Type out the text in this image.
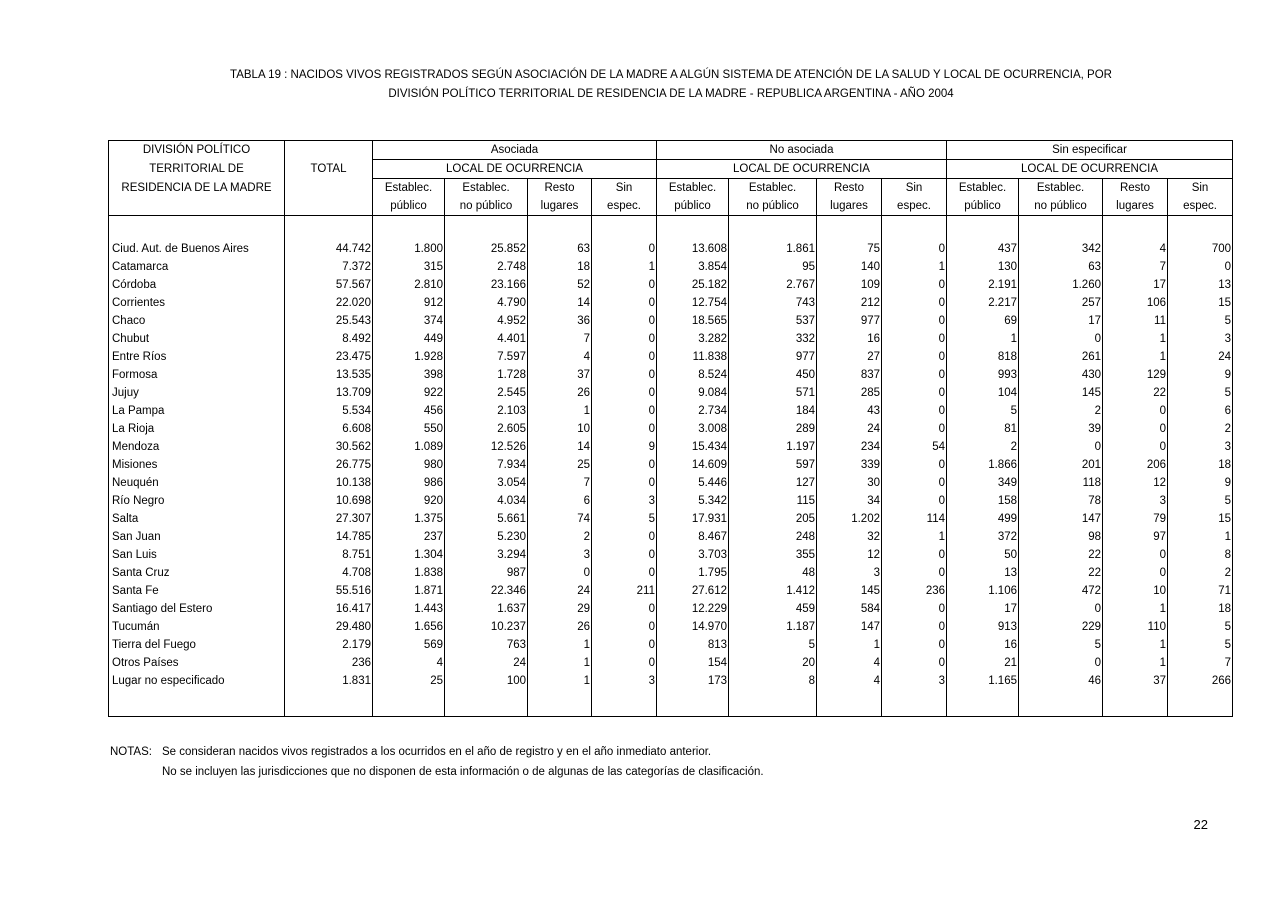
TABLA 19 : NACIDOS VIVOS REGISTRADOS SEGÚN ASOCIACIÓN DE LA MADRE A ALGÚN SISTEMA DE ATENCIÓN DE LA SALUD Y LOCAL DE OCURRENCIA, POR
DIVISIÓN POLÍTICO TERRITORIAL DE RESIDENCIA DE LA MADRE - REPUBLICA ARGENTINA - AÑO 2004
DIVISIÓN POLÍTICO		Asociada				No asociada				Sin especificar			
TERRITORIAL DE	TOTAL	LOCAL DE OCURRENCIA				LOCAL DE OCURRENCIA				LOCAL DE OCURRENCIA			
RESIDENCIA DE LA MADRE		Establec.	Establec.	Resto	Sin	Establec.	Establec.	Resto	Sin	Establec.	Establec.	Resto	Sin
		público	no público	lugares	espec.	público	no público	lugares	espec.	público	no público	lugares	espec.

Ciud. Aut. de Buenos Aires	44.742	1.800	25.852	63	0	13.608	1.861	75	0	437	342	4	700
Catamarca	7.372	315	2.748	18	1	3.854	95	140	1	130	63	7	0
Córdoba	57.567	2.810	23.166	52	0	25.182	2.767	109	0	2.191	1.260	17	13
Corrientes	22.020	912	4.790	14	0	12.754	743	212	0	2.217	257	106	15
Chaco	25.543	374	4.952	36	0	18.565	537	977	0	69	17	11	5
Chubut	8.492	449	4.401	7	0	3.282	332	16	0	1	0	1	3
Entre Ríos	23.475	1.928	7.597	4	0	11.838	977	27	0	818	261	1	24
Formosa	13.535	398	1.728	37	0	8.524	450	837	0	993	430	129	9
Jujuy	13.709	922	2.545	26	0	9.084	571	285	0	104	145	22	5
La Pampa	5.534	456	2.103	1	0	2.734	184	43	0	5	2	0	6
La Rioja	6.608	550	2.605	10	0	3.008	289	24	0	81	39	0	2
Mendoza	30.562	1.089	12.526	14	9	15.434	1.197	234	54	2	0	0	3
Misiones	26.775	980	7.934	25	0	14.609	597	339	0	1.866	201	206	18
Neuquén	10.138	986	3.054	7	0	5.446	127	30	0	349	118	12	9
Río Negro	10.698	920	4.034	6	3	5.342	115	34	0	158	78	3	5
Salta	27.307	1.375	5.661	74	5	17.931	205	1.202	114	499	147	79	15
San Juan	14.785	237	5.230	2	0	8.467	248	32	1	372	98	97	1
San Luis	8.751	1.304	3.294	3	0	3.703	355	12	0	50	22	0	8
Santa Cruz	4.708	1.838	987	0	0	1.795	48	3	0	13	22	0	2
Santa Fe	55.516	1.871	22.346	24	211	27.612	1.412	145	236	1.106	472	10	71
Santiago del Estero	16.417	1.443	1.637	29	0	12.229	459	584	0	17	0	1	18
Tucumán	29.480	1.656	10.237	26	0	14.970	1.187	147	0	913	229	110	5
Tierra del Fuego	2.179	569	763	1	0	813	5	1	0	16	5	1	5
Otros Países	236	4	24	1	0	154	20	4	0	21	0	1	7
Lugar no especificado	1.831	25	100	1	3	173	8	4	3	1.165	46	37	266

NOTAS: Se consideran nacidos vivos registrados a los ocurridos en el año de registro y en el año inmediato anterior.
No se incluyen las jurisdicciones que no disponen de esta información o de algunas de las categorías de clasificación.
22
